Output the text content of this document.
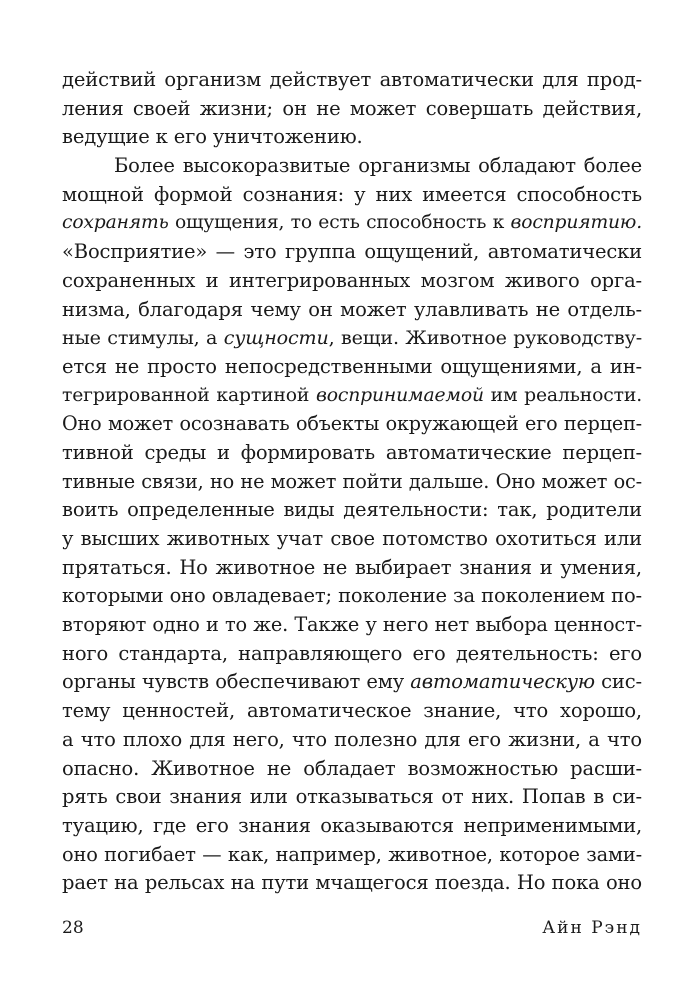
действий организм действует автоматически для прод-
ления своей жизни; он не может совершать действия,
ведущие к его уничтожению.
Более высокоразвитые организмы обладают более
мощной формой сознания: у них имеется способность
сохранять ощущения, то есть способность к восприятию.
«Восприятие» — это группа ощущений, автоматически
сохраненных и интегрированных мозгом живого орга-
низма, благодаря чему он может улавливать не отдель-
ные стимулы, а сущности, вещи. Животное руководству-
ется не просто непосредственными ощущениями, а ин-
тегрированной картиной воспринимаемой им реальности.
Оно может осознавать объекты окружающей его перцеп-
тивной среды и формировать автоматические перцеп-
тивные связи, но не может пойти дальше. Оно может ос-
воить определенные виды деятельности: так, родители
у высших животных учат свое потомство охотиться или
прятаться. Но животное не выбирает знания и умения,
которыми оно овладевает; поколение за поколением по-
вторяют одно и то же. Также у него нет выбора ценност-
ного стандарта, направляющего его деятельность: его
органы чувств обеспечивают ему автоматическую сис-
тему ценностей, автоматическое знание, что хорошо,
а что плохо для него, что полезно для его жизни, а что
опасно. Животное не обладает возможностью расши-
рять свои знания или отказываться от них. Попав в си-
туацию, где его знания оказываются неприменимыми,
оно погибает — как, например, животное, которое зами-
рает на рельсах на пути мчащегося поезда. Но пока оно
28	Айн Рэнд
